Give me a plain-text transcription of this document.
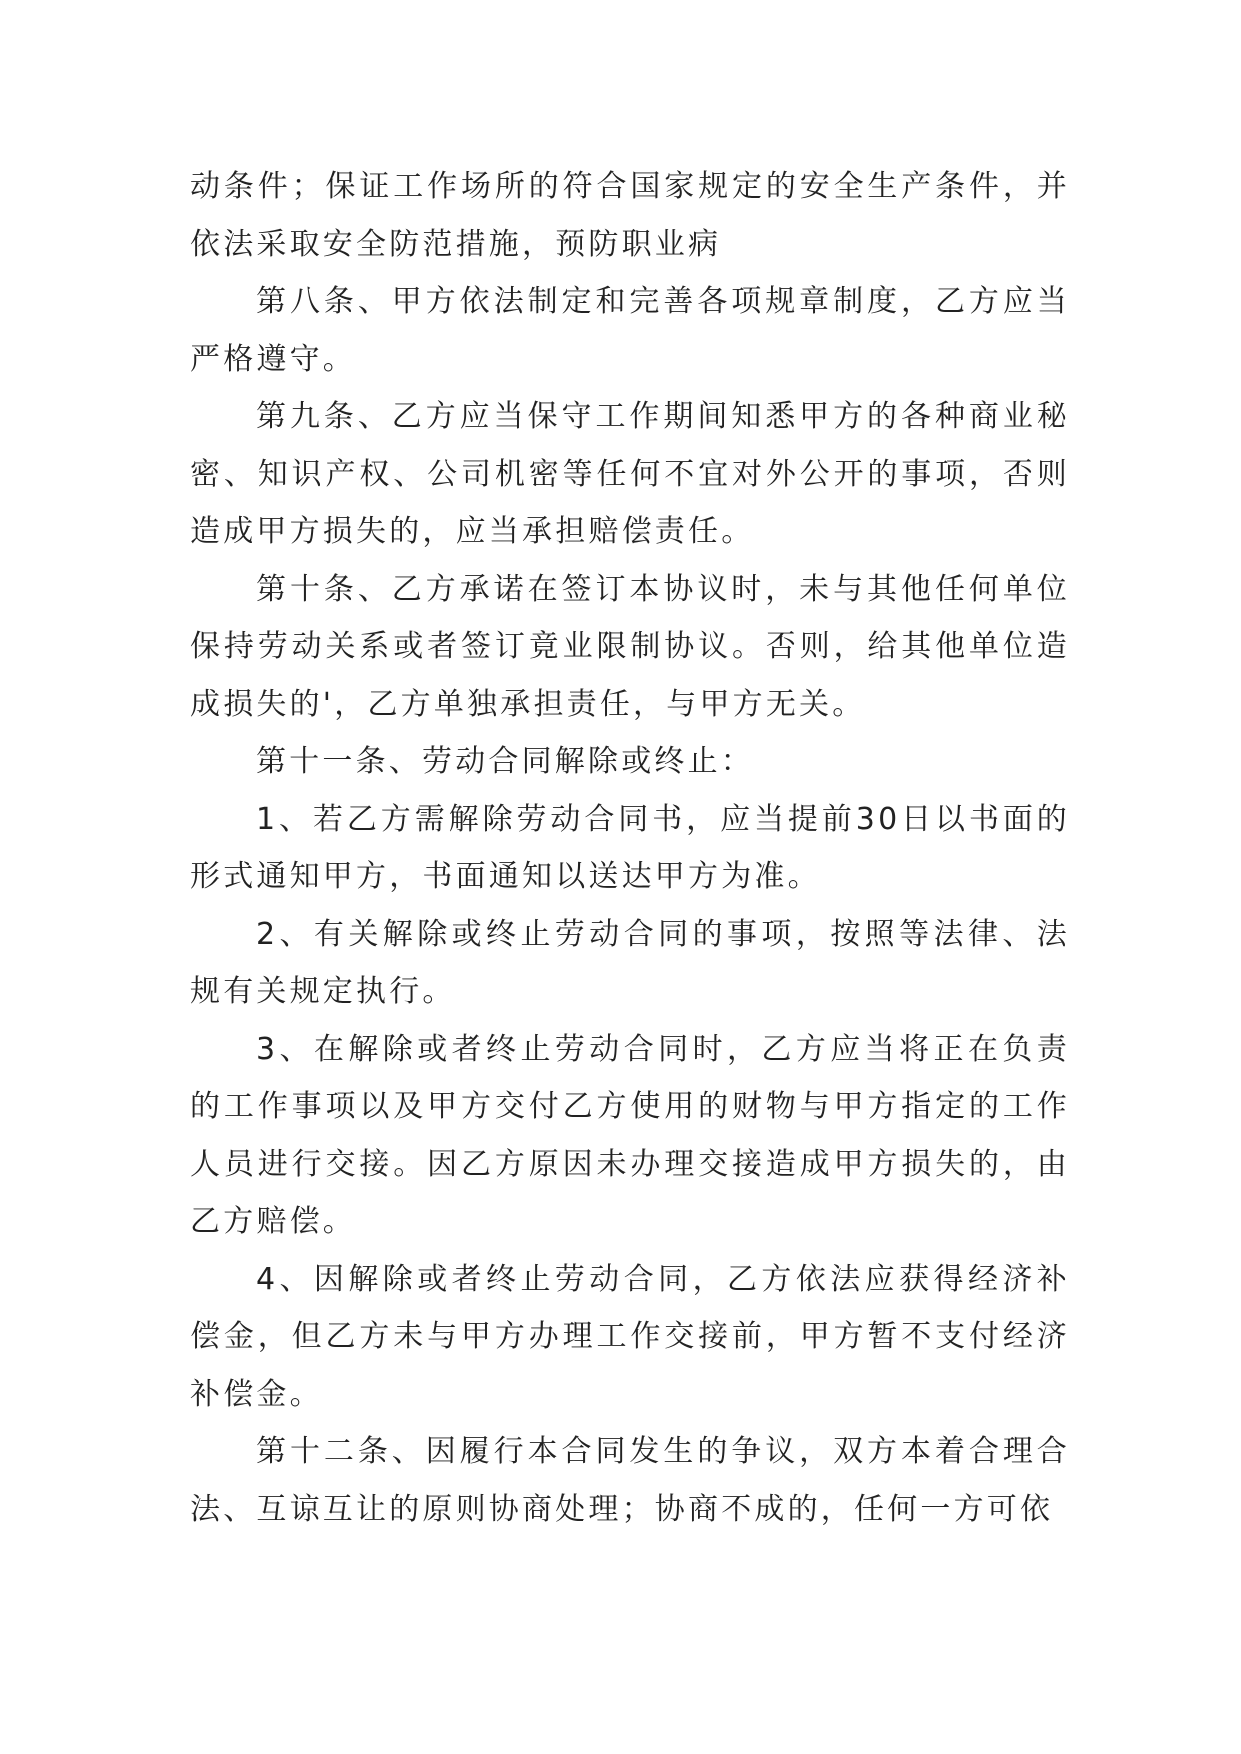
动条件；保证工作场所的符合国家规定的安全生产条件，并依法采取安全防范措施，预防职业病

第八条、甲方依法制定和完善各项规章制度，乙方应当严格遵守。

第九条、乙方应当保守工作期间知悉甲方的各种商业秘密、知识产权、公司机密等任何不宜对外公开的事项，否则造成甲方损失的，应当承担赔偿责任。

第十条、乙方承诺在签订本协议时，未与其他任何单位保持劳动关系或者签订竟业限制协议。否则，给其他单位造成损失的'，乙方单独承担责任，与甲方无关。

第十一条、劳动合同解除或终止：

1、若乙方需解除劳动合同书，应当提前30日以书面的形式通知甲方，书面通知以送达甲方为准。

2、有关解除或终止劳动合同的事项，按照等法律、法规有关规定执行。

3、在解除或者终止劳动合同时，乙方应当将正在负责的工作事项以及甲方交付乙方使用的财物与甲方指定的工作人员进行交接。因乙方原因未办理交接造成甲方损失的，由乙方赔偿。

4、因解除或者终止劳动合同，乙方依法应获得经济补偿金，但乙方未与甲方办理工作交接前，甲方暂不支付经济补偿金。

第十二条、因履行本合同发生的争议，双方本着合理合法、互谅互让的原则协商处理；协商不成的，任何一方可依
